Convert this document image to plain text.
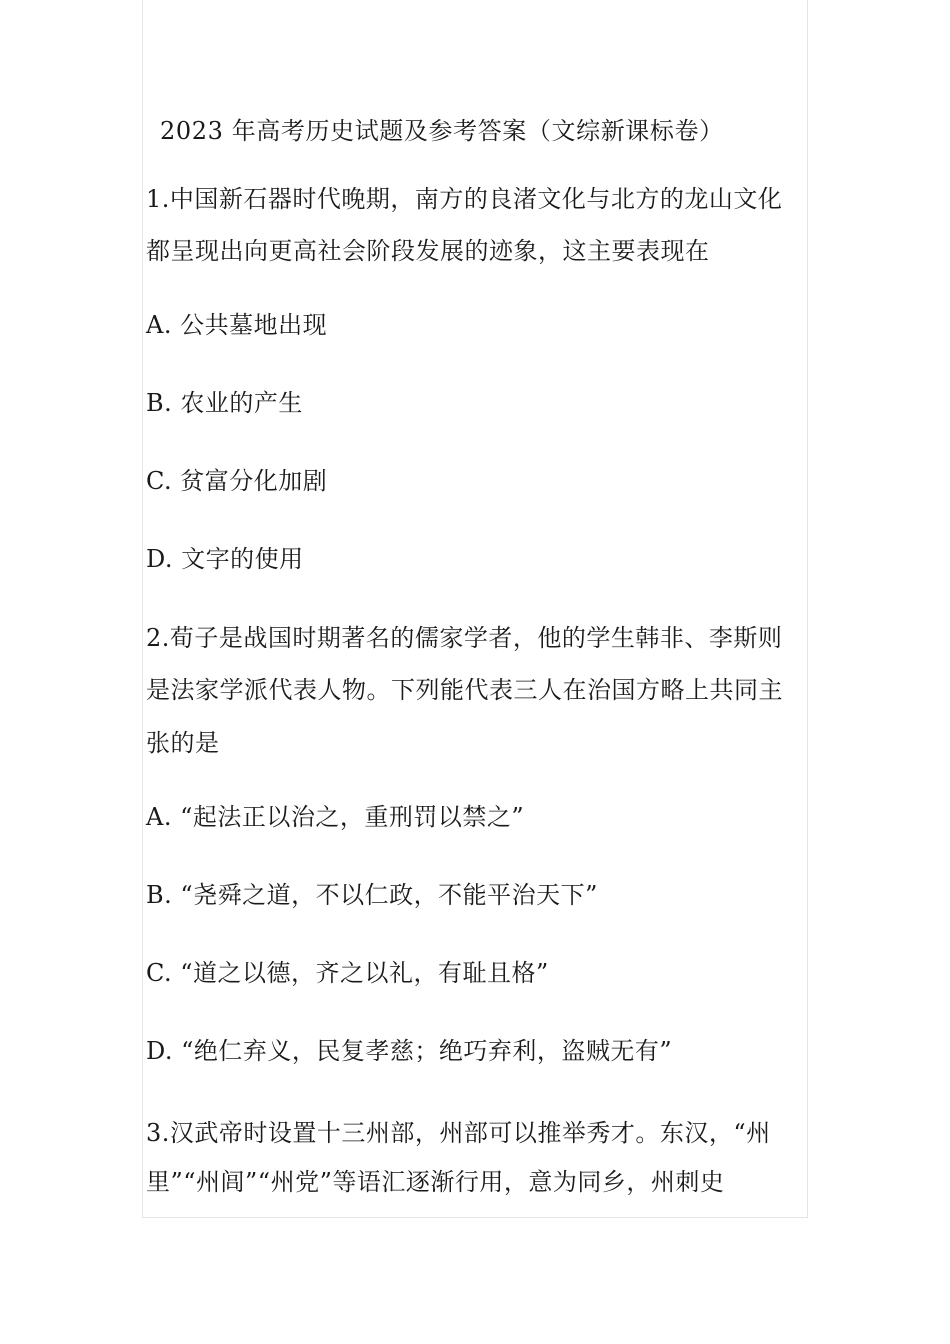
2023 年高考历史试题及参考答案（文综新课标卷）
1.中国新石器时代晚期，南方的良渚文化与北方的龙山文化
都呈现出向更高社会阶段发展的迹象，这主要表现在
A. 公共墓地出现
B. 农业的产生
C. 贫富分化加剧
D. 文字的使用
2.荀子是战国时期著名的儒家学者，他的学生韩非、李斯则
是法家学派代表人物。下列能代表三人在治国方略上共同主
张的是
A. “起法正以治之，重刑罚以禁之”
B. “尧舜之道，不以仁政，不能平治天下”
C. “道之以德，齐之以礼，有耻且格”
D. “绝仁弃义，民复孝慈；绝巧弃利，盗贼无有”
3.汉武帝时设置十三州部，州部可以推举秀才。东汉，“州
里”“州闾”“州党”等语汇逐渐行用，意为同乡，州刺史
